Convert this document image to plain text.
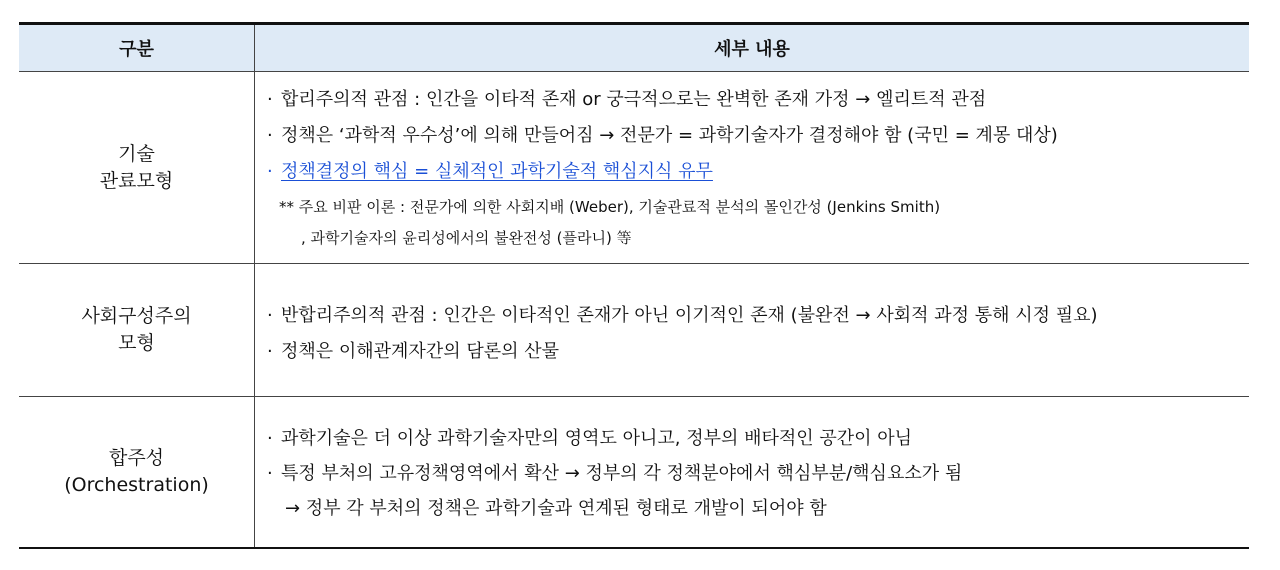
구분	세부 내용
기술
관료모형
· 합리주의적 관점 : 인간을 이타적 존재 or 궁극적으로는 완벽한 존재 가정 → 엘리트적 관점
· 정책은 ‘과학적 우수성’에 의해 만들어짐 → 전문가 = 과학기술자가 결정해야 함 (국민 = 계몽 대상)
· 정책결정의 핵심 = 실체적인 과학기술적 핵심지식 유무
** 주요 비판 이론 : 전문가에 의한 사회지배 (Weber), 기술관료적 분석의 몰인간성 (Jenkins Smith)
, 과학기술자의 윤리성에서의 불완전성 (플라니) 等
사회구성주의
모형
· 반합리주의적 관점 : 인간은 이타적인 존재가 아닌 이기적인 존재 (불완전 → 사회적 과정 통해 시정 필요)
· 정책은 이해관계자간의 담론의 산물
합주성
(Orchestration)
· 과학기술은 더 이상 과학기술자만의 영역도 아니고, 정부의 배타적인 공간이 아님
· 특정 부처의 고유정책영역에서 확산 → 정부의 각 정책분야에서 핵심부분/핵심요소가 됨
→ 정부 각 부처의 정책은 과학기술과 연계된 형태로 개발이 되어야 함
